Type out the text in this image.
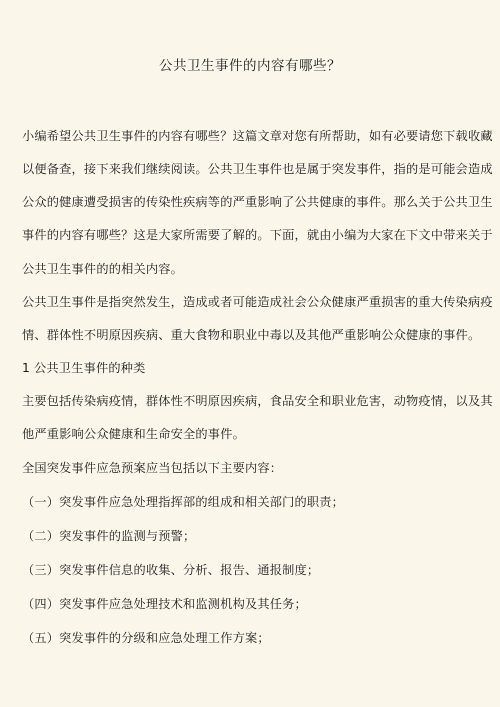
公共卫生事件的内容有哪些？
小编希望公共卫生事件的内容有哪些？这篇文章对您有所帮助，如有必要请您下载收藏
以便备查，接下来我们继续阅读。公共卫生事件也是属于突发事件，指的是可能会造成
公众的健康遭受损害的传染性疾病等的严重影响了公共健康的事件。那么关于公共卫生
事件的内容有哪些？这是大家所需要了解的。下面，就由小编为大家在下文中带来关于
公共卫生事件的的相关内容。
公共卫生事件是指突然发生，造成或者可能造成社会公众健康严重损害的重大传染病疫
情、群体性不明原因疾病、重大食物和职业中毒以及其他严重影响公众健康的事件。
1 公共卫生事件的种类
主要包括传染病疫情，群体性不明原因疾病，食品安全和职业危害，动物疫情，以及其
他严重影响公众健康和生命安全的事件。
全国突发事件应急预案应当包括以下主要内容：
（一）突发事件应急处理指挥部的组成和相关部门的职责；
（二）突发事件的监测与预警；
（三）突发事件信息的收集、分析、报告、通报制度；
（四）突发事件应急处理技术和监测机构及其任务；
（五）突发事件的分级和应急处理工作方案；
